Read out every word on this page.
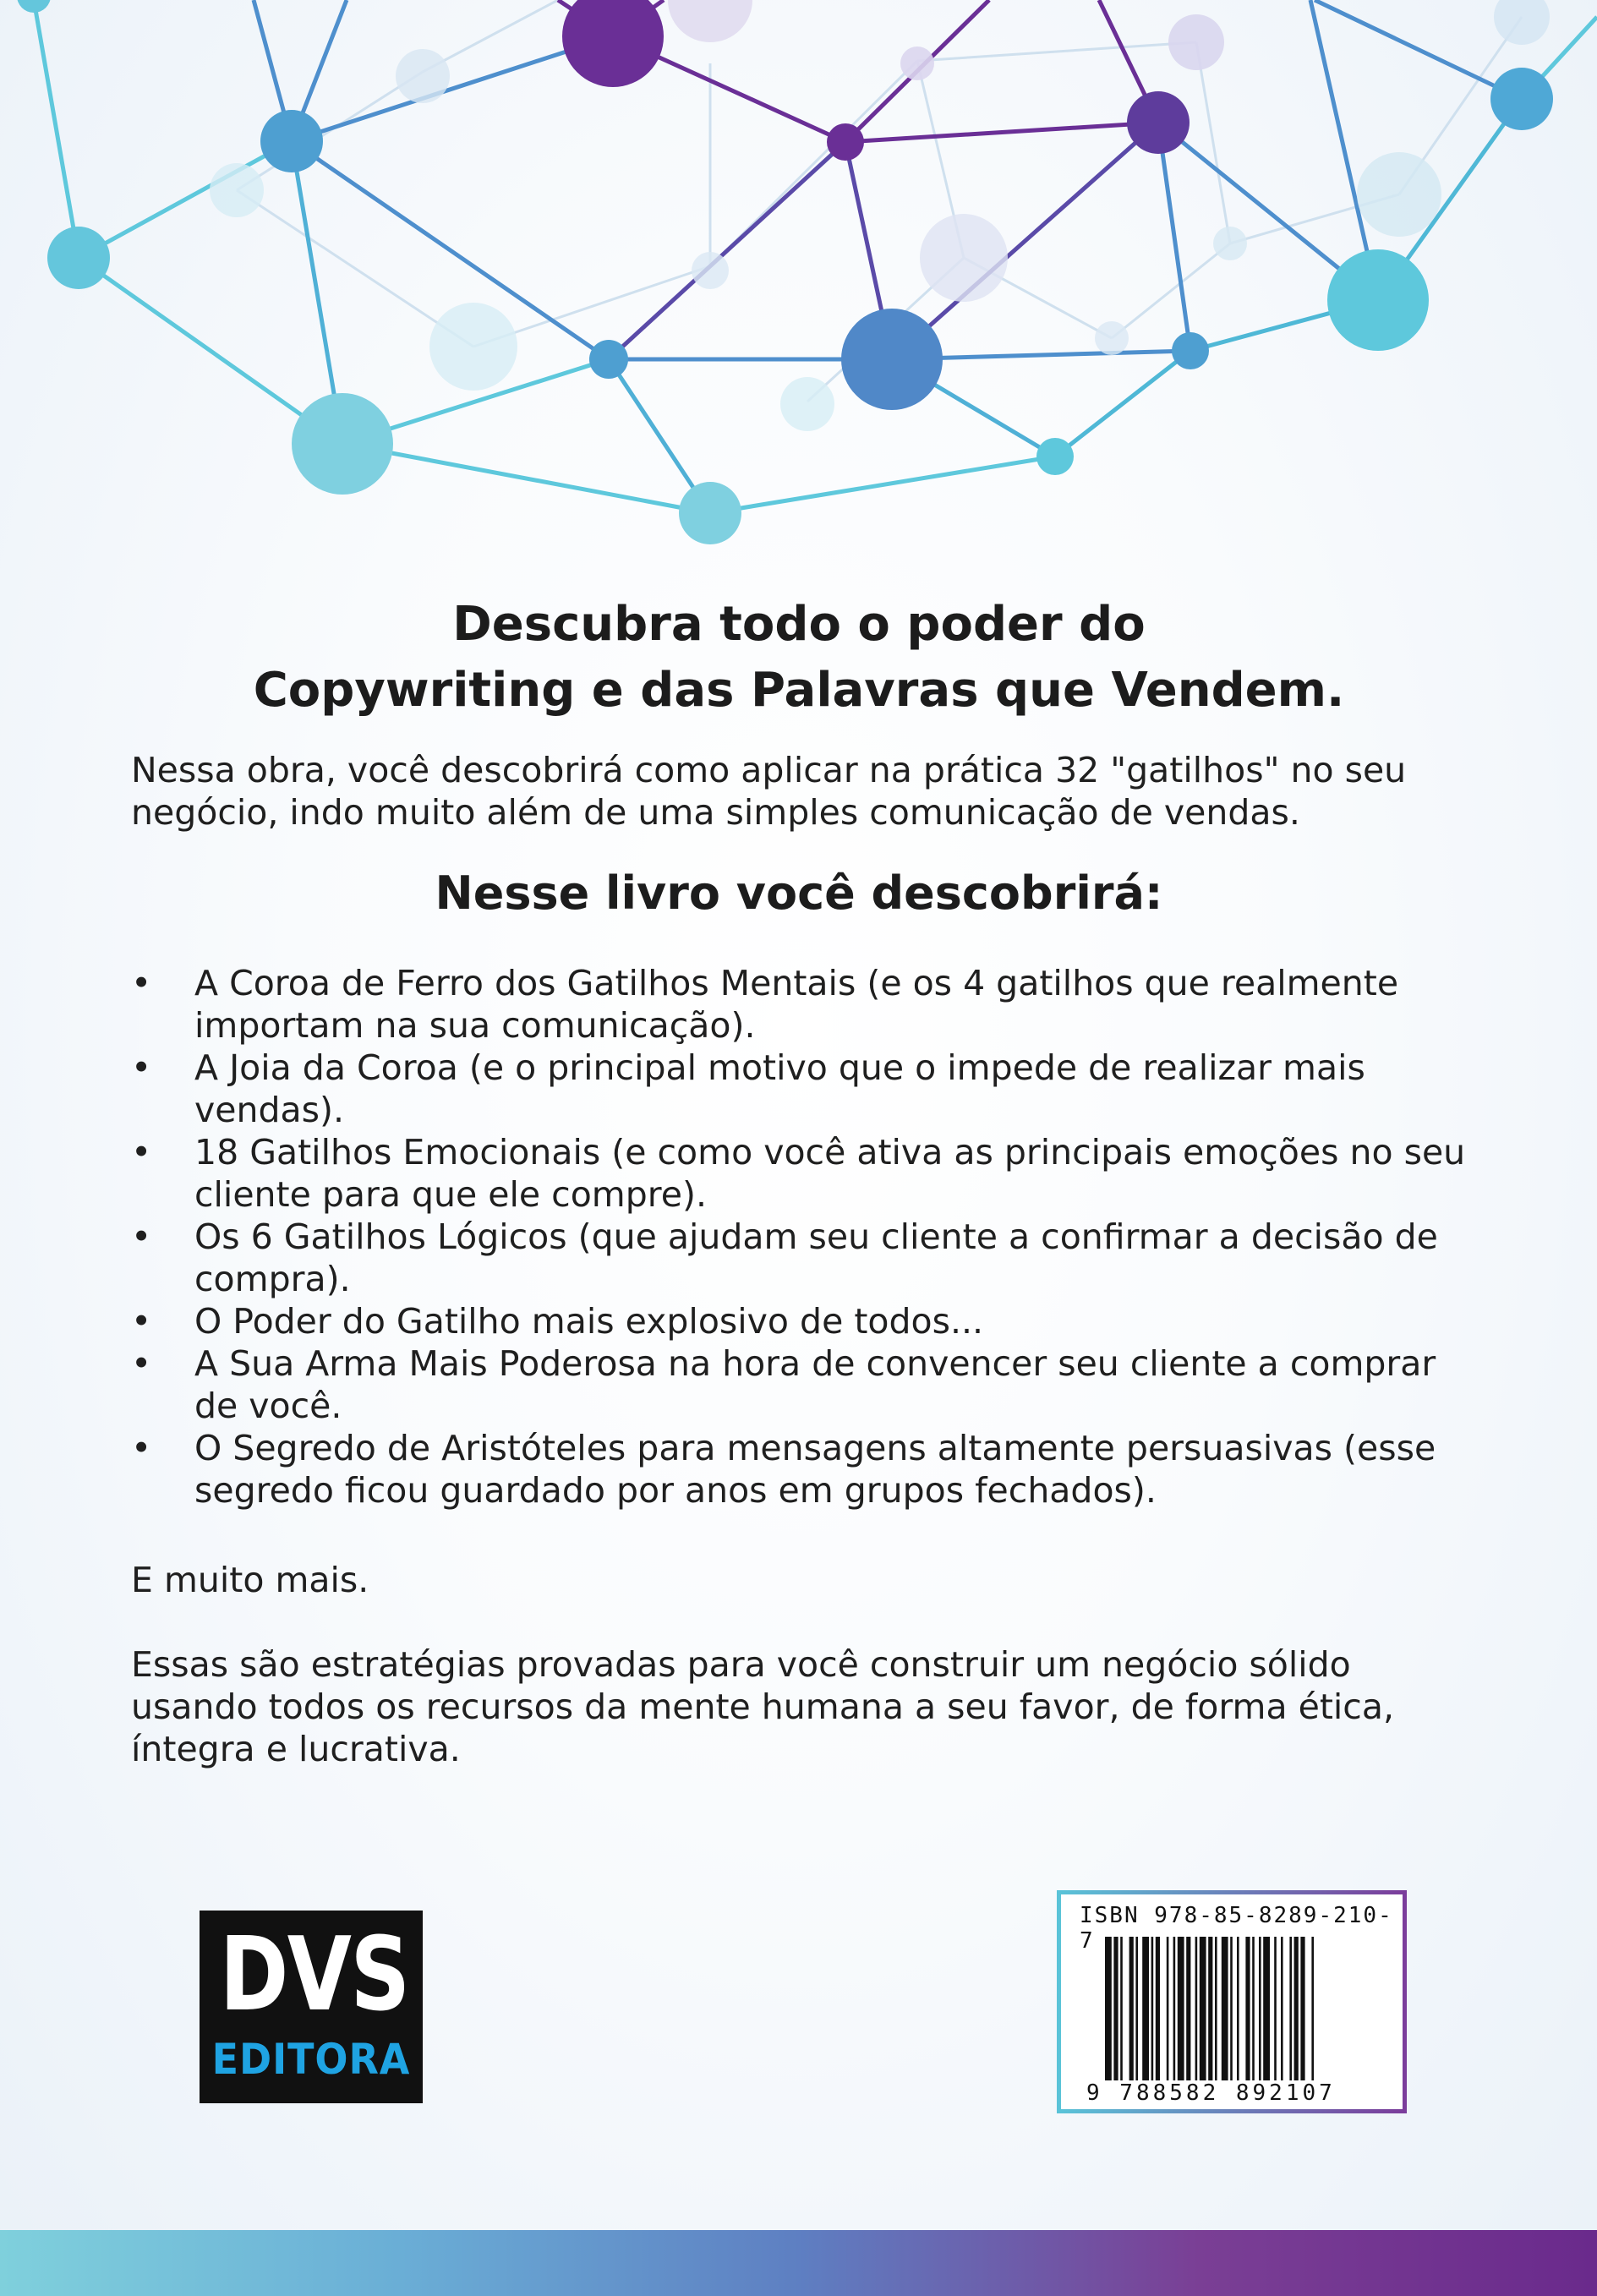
Descubra todo o poder do
Copywriting e das Palavras que Vendem.

Nessa obra, você descobrirá como aplicar na prática 32 "gatilhos" no seu negócio, indo muito além de uma simples comunicação de vendas.

Nesse livro você descobrirá:
•	A Coroa de Ferro dos Gatilhos Mentais (e os 4 gatilhos que realmente importam na sua comunicação).
•	A Joia da Coroa (e o principal motivo que o impede de realizar mais vendas).
•	18 Gatilhos Emocionais (e como você ativa as principais emoções no seu cliente para que ele compre).
•	Os 6 Gatilhos Lógicos (que ajudam seu cliente a confirmar a decisão de compra).
•	O Poder do Gatilho mais explosivo de todos...
•	A Sua Arma Mais Poderosa na hora de convencer seu cliente a comprar de você.
•	O Segredo de Aristóteles para mensagens altamente persuasivas (esse segredo ficou guardado por anos em grupos fechados).

E muito mais.

Essas são estratégias provadas para você construir um negócio sólido usando todos os recursos da mente humana a seu favor, de forma ética, íntegra e lucrativa.

DVS
EDITORA
ISBN 978-85-8289-210-7
9 788582 892107
